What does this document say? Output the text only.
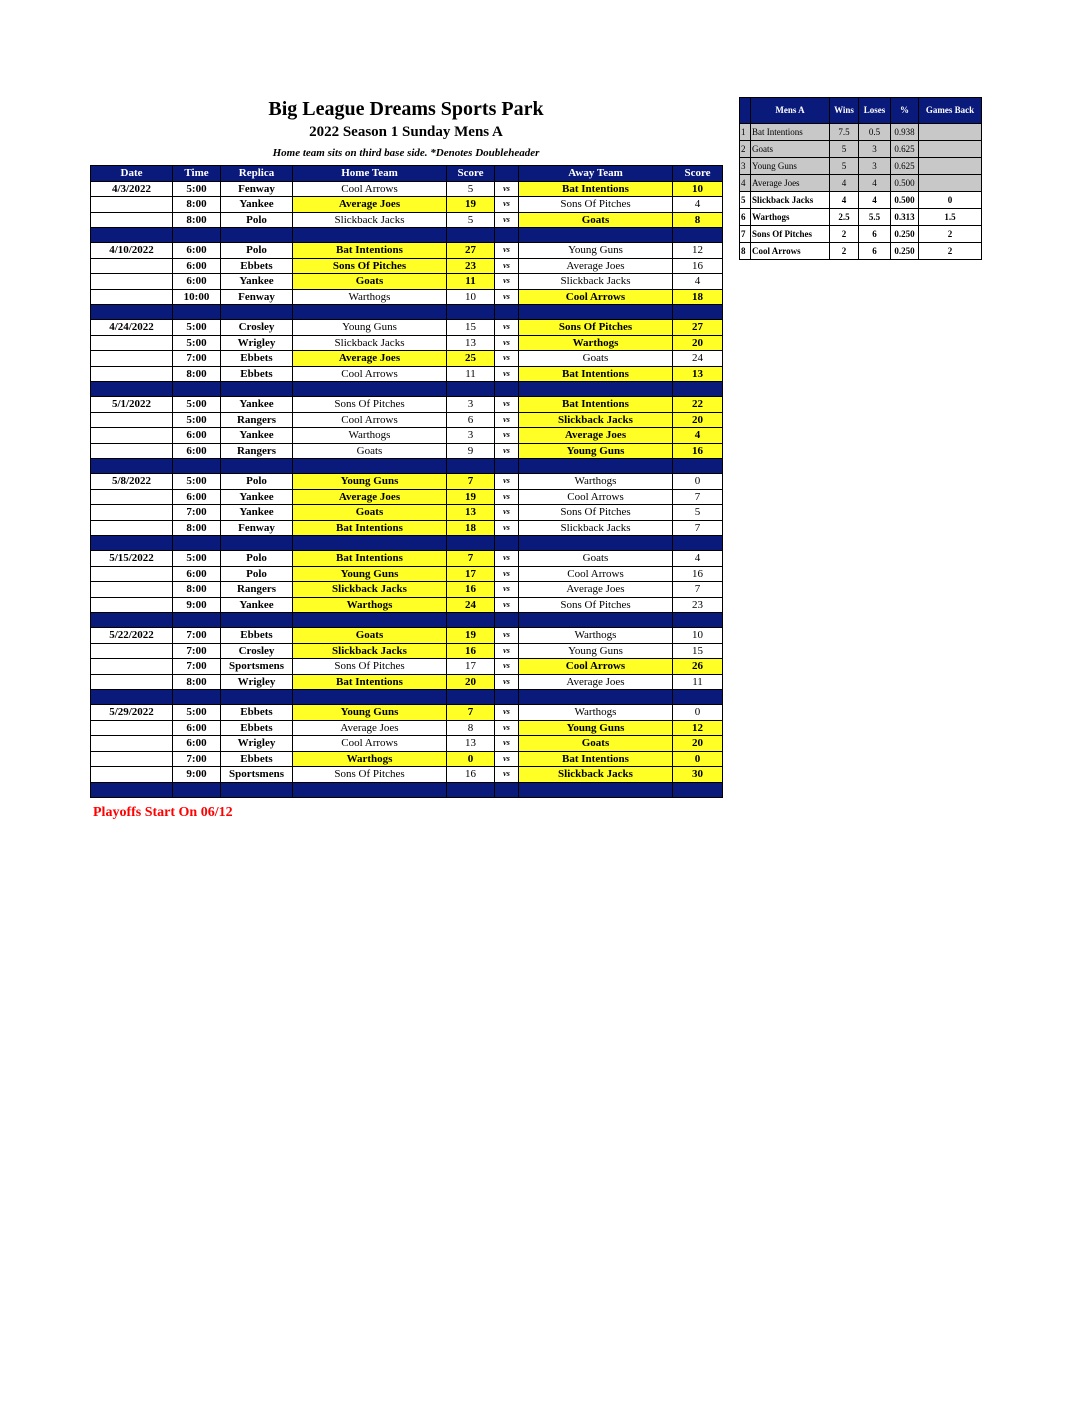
Big League Dreams Sports Park
2022 Season 1 Sunday Mens A
Home team sits on third base side. *Denotes Doubleheader
Date	Time	Replica	Home Team	Score		Away Team	Score
4/3/2022	5:00	Fenway	Cool Arrows	5	vs	Bat Intentions	10
	8:00	Yankee	Average Joes	19	vs	Sons Of Pitches	4
	8:00	Polo	Slickback Jacks	5	vs	Goats	8

4/10/2022	6:00	Polo	Bat Intentions	27	vs	Young Guns	12
	6:00	Ebbets	Sons Of Pitches	23	vs	Average Joes	16
	6:00	Yankee	Goats	11	vs	Slickback Jacks	4
	10:00	Fenway	Warthogs	10	vs	Cool Arrows	18

4/24/2022	5:00	Crosley	Young Guns	15	vs	Sons Of Pitches	27
	5:00	Wrigley	Slickback Jacks	13	vs	Warthogs	20
	7:00	Ebbets	Average Joes	25	vs	Goats	24
	8:00	Ebbets	Cool Arrows	11	vs	Bat Intentions	13

5/1/2022	5:00	Yankee	Sons Of Pitches	3	vs	Bat Intentions	22
	5:00	Rangers	Cool Arrows	6	vs	Slickback Jacks	20
	6:00	Yankee	Warthogs	3	vs	Average Joes	4
	6:00	Rangers	Goats	9	vs	Young Guns	16

5/8/2022	5:00	Polo	Young Guns	7	vs	Warthogs	0
	6:00	Yankee	Average Joes	19	vs	Cool Arrows	7
	7:00	Yankee	Goats	13	vs	Sons Of Pitches	5
	8:00	Fenway	Bat Intentions	18	vs	Slickback Jacks	7

5/15/2022	5:00	Polo	Bat Intentions	7	vs	Goats	4
	6:00	Polo	Young Guns	17	vs	Cool Arrows	16
	8:00	Rangers	Slickback Jacks	16	vs	Average Joes	7
	9:00	Yankee	Warthogs	24	vs	Sons Of Pitches	23

5/22/2022	7:00	Ebbets	Goats	19	vs	Warthogs	10
	7:00	Crosley	Slickback Jacks	16	vs	Young Guns	15
	7:00	Sportsmens	Sons Of Pitches	17	vs	Cool Arrows	26
	8:00	Wrigley	Bat Intentions	20	vs	Average Joes	11

5/29/2022	5:00	Ebbets	Young Guns	7	vs	Warthogs	0
	6:00	Ebbets	Average Joes	8	vs	Young Guns	12
	6:00	Wrigley	Cool Arrows	13	vs	Goats	20
	7:00	Ebbets	Warthogs	0	vs	Bat Intentions	0
	9:00	Sportsmens	Sons Of Pitches	16	vs	Slickback Jacks	30

	Mens A	Wins	Loses	%	Games Back
1	Bat Intentions	7.5	0.5	0.938	
2	Goats	5	3	0.625	
3	Young Guns	5	3	0.625	
4	Average Joes	4	4	0.500	
5	Slickback Jacks	4	4	0.500	0
6	Warthogs	2.5	5.5	0.313	1.5
7	Sons Of Pitches	2	6	0.250	2
8	Cool Arrows	2	6	0.250	2
Playoffs Start On 06/12
